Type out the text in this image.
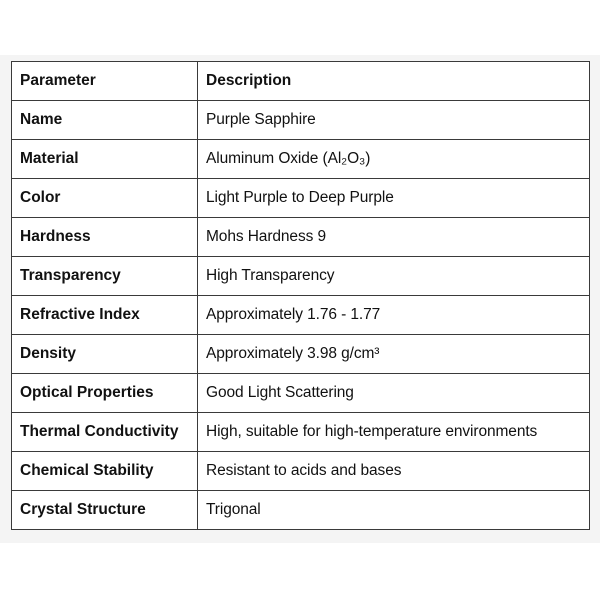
Parameter	Description
Name	Purple Sapphire
Material	Aluminum Oxide (Al₂O₃)
Color	Light Purple to Deep Purple
Hardness	Mohs Hardness 9
Transparency	High Transparency
Refractive Index	Approximately 1.76 - 1.77
Density	Approximately 3.98 g/cm³
Optical Properties	Good Light Scattering
Thermal Conductivity	High, suitable for high-temperature environments
Chemical Stability	Resistant to acids and bases
Crystal Structure	Trigonal
